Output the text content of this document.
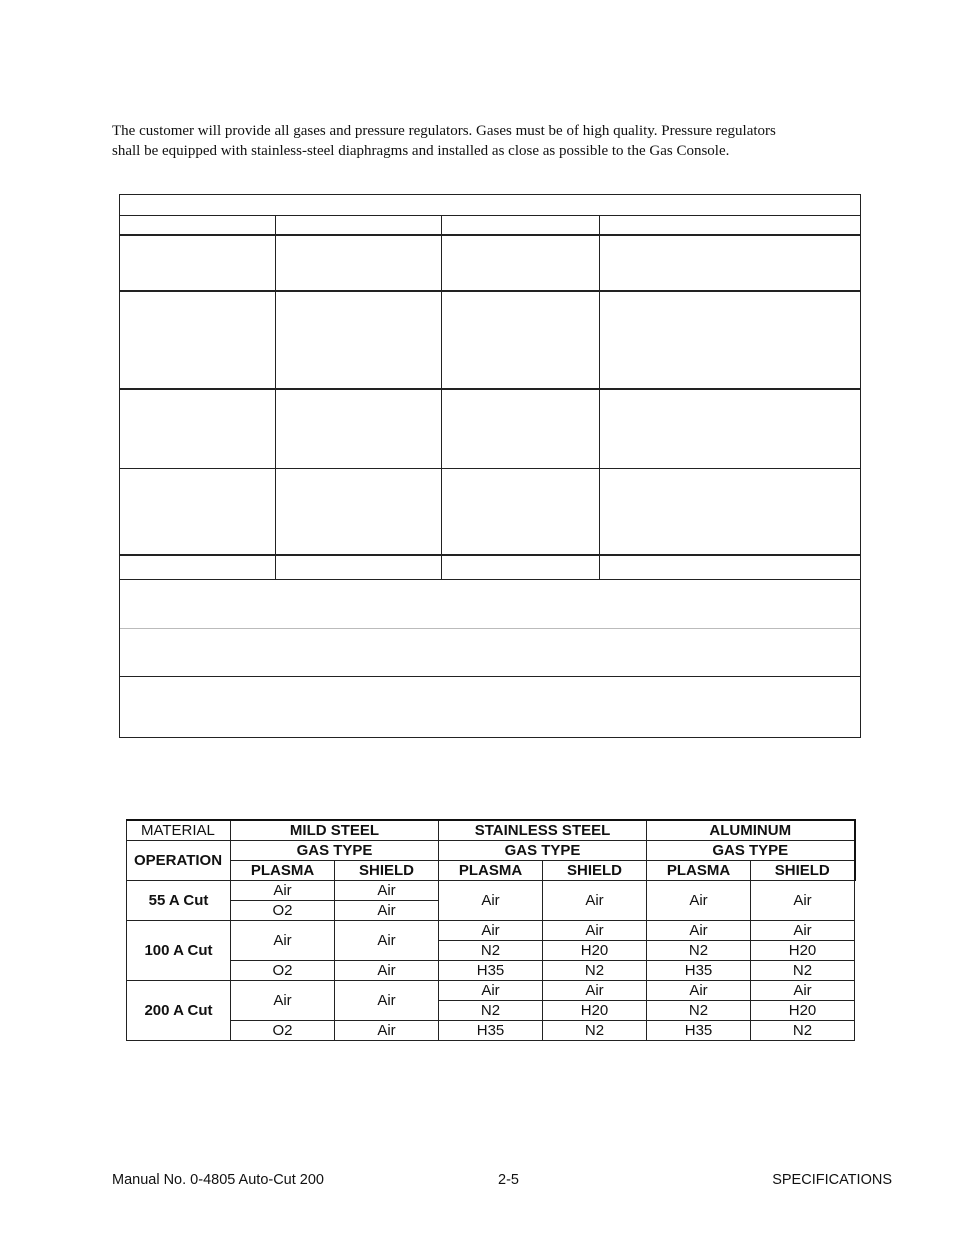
The customer will provide all gases and pressure regulators. Gases must be of high quality. Pressure regulators
shall be equipped with stainless-steel diaphragms and installed as close as possible to the Gas Console.

MATERIAL	MILD STEEL		STAINLESS STEEL		ALUMINUM	
OPERATION	GAS TYPE		GAS TYPE		GAS TYPE	
	PLASMA	SHIELD	PLASMA	SHIELD	PLASMA	SHIELD
55 A Cut	Air	Air	Air	Air	Air	Air
	O2	Air				
100 A Cut	Air	Air	Air	Air	Air	Air
			N2	H20	N2	H20
	O2	Air	H35	N2	H35	N2
200 A Cut	Air	Air	Air	Air	Air	Air
			N2	H20	N2	H20
	O2	Air	H35	N2	H35	N2
Manual No. 0-4805 Auto-Cut 200	2-5	SPECIFICATIONS
